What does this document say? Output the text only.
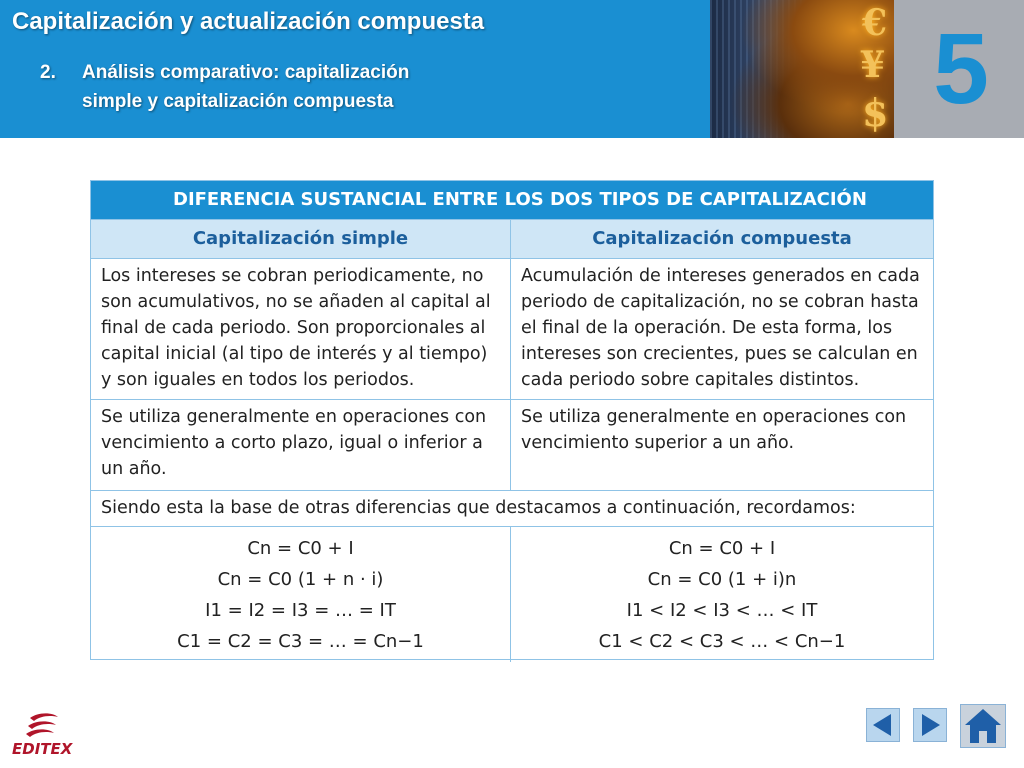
Capitalización y actualización compuesta
2. Análisis comparativo: capitalización
simple y capitalización compuesta
€
¥
$ 5
DIFERENCIA SUSTANCIAL ENTRE LOS DOS TIPOS DE CAPITALIZACIÓN
Capitalización simple	Capitalización compuesta
Los intereses se cobran periodicamente, no son acumulativos, no se añaden al capital al final de cada periodo. Son proporcionales al capital inicial (al tipo de interés y al tiempo) y son iguales en todos los periodos.
Acumulación de intereses generados en cada periodo de capitalización, no se cobran hasta el final de la operación. De esta forma, los intereses son crecientes, pues se calculan en cada periodo sobre capitales distintos.
Se utiliza generalmente en operaciones con vencimiento a corto plazo, igual o inferior a un año.
Se utiliza generalmente en operaciones con vencimiento superior a un año.
Siendo esta la base de otras diferencias que destacamos a continuación, recordamos:
Cn = C0 + I
Cn = C0 (1 + n · i)
I1 = I2 = I3 = … = IT
C1 = C2 = C3 = … = Cn−1
Cn = C0 + I
Cn = C0 (1 + i)n
I1 < I2 < I3 < … < IT
C1 < C2 < C3 < … < Cn−1
EDITEX
